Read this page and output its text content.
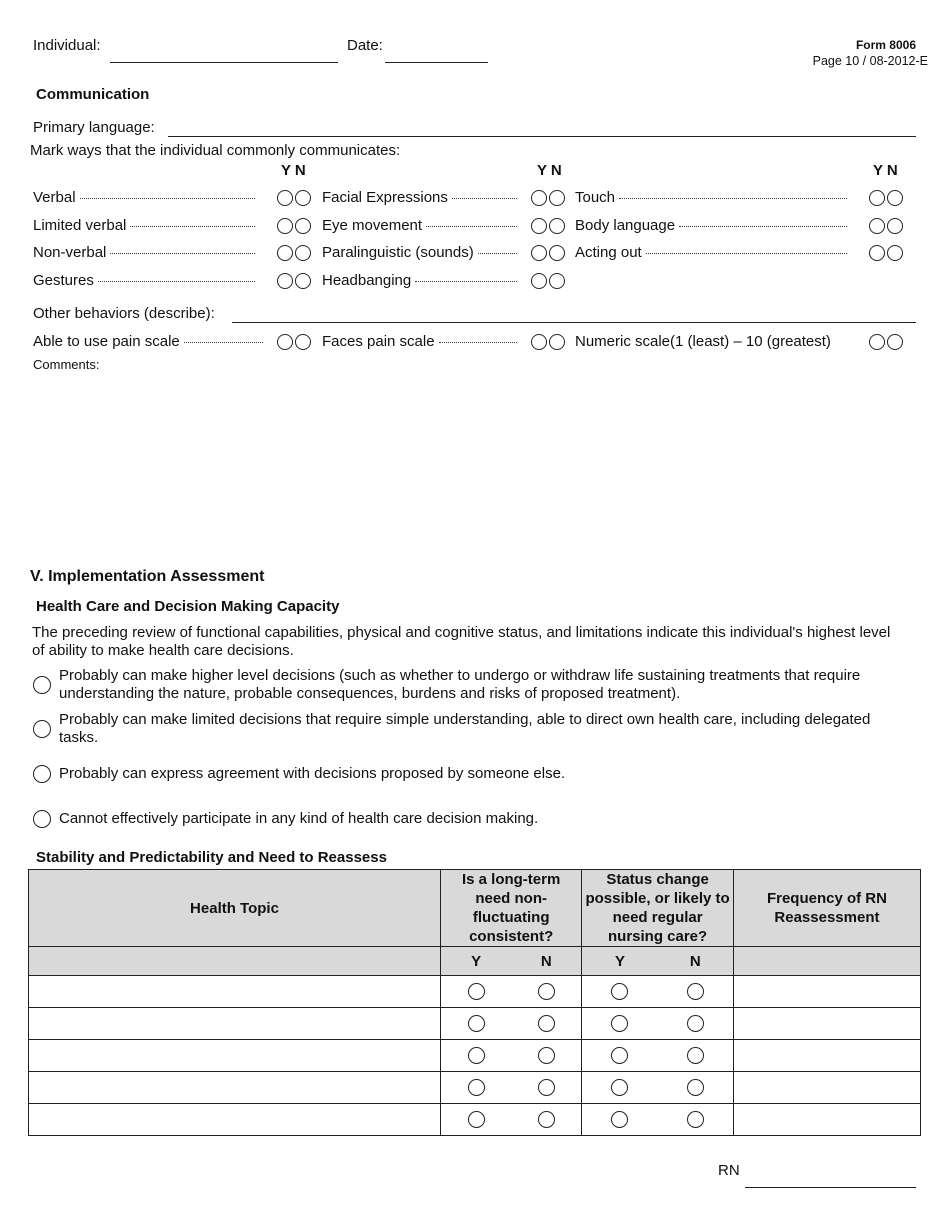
Individual:	Date:	Form 8006
Page 10 / 08-2012-E
Communication
Primary language:
Mark ways that the individual commonly communicates:
Y N	Y N	Y N
Other behaviors (describe):
Comments:
V. Implementation Assessment
Health Care and Decision Making Capacity
The preceding review of functional capabilities, physical and cognitive status, and limitations indicate this individual's highest level of ability to make health care decisions.
Probably can make higher level decisions (such as whether to undergo or withdraw life sustaining treatments that require understanding the nature, probable consequences, burdens and risks of proposed treatment).
Probably can make limited decisions that require simple understanding, able to direct own health care, including delegated tasks.
Probably can express agreement with decisions proposed by someone else.
Cannot effectively participate in any kind of health care decision making.
Stability and Predictability and Need to Reassess
Health Topic	Is a long-term need non-fluctuating consistent?		Status change possible, or likely to need regular nursing care?		Frequency of RN Reassessment
	Y	N	Y	N	

RN
Verbal	Facial Expressions	Touch
Limited verbal	Eye movement	Body language
Non-verbal	Paralinguistic (sounds)	Acting out
Gestures	Headbanging
Able to use pain scale	Faces pain scale	Numeric scale(1 (least) – 10 (greatest)
